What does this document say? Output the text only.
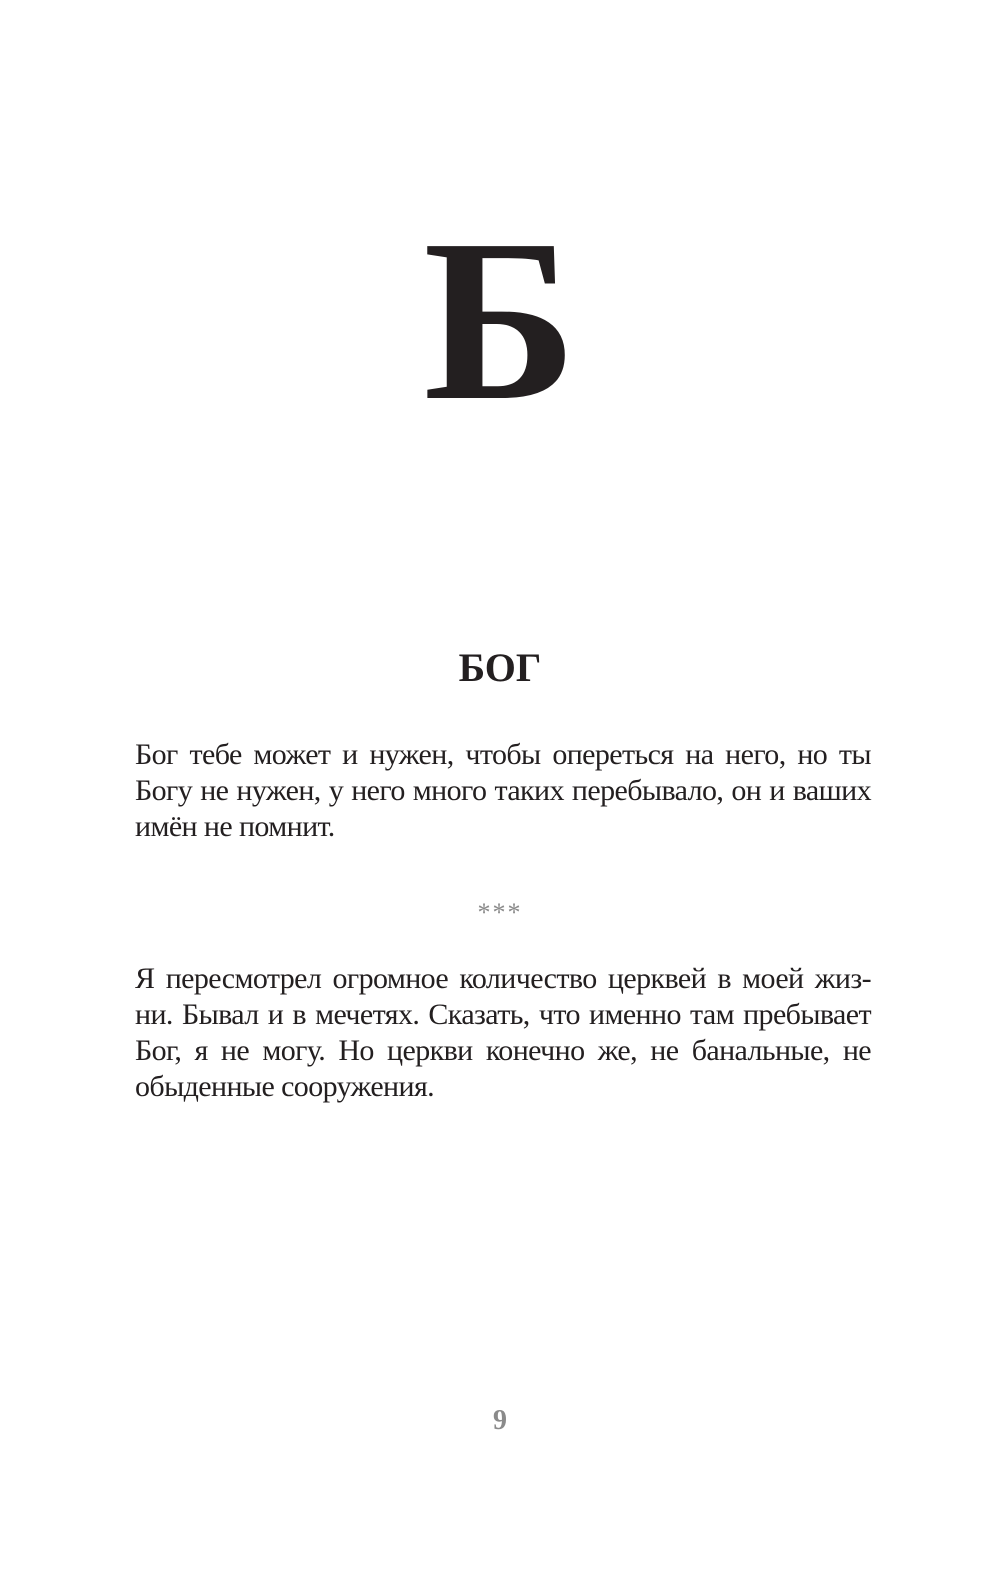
Б
БОГ
Бог тебе может и нужен, чтобы опереться на него, но ты
Богу не нужен, у него много таких перебывало, он и ваших
имён не помнит.
***
Я пересмотрел огромное количество церквей в моей жиз-
ни. Бывал и в мечетях. Сказать, что именно там пребывает
Бог, я не могу. Но церкви конечно же, не банальные, не
обыденные сооружения.
9
